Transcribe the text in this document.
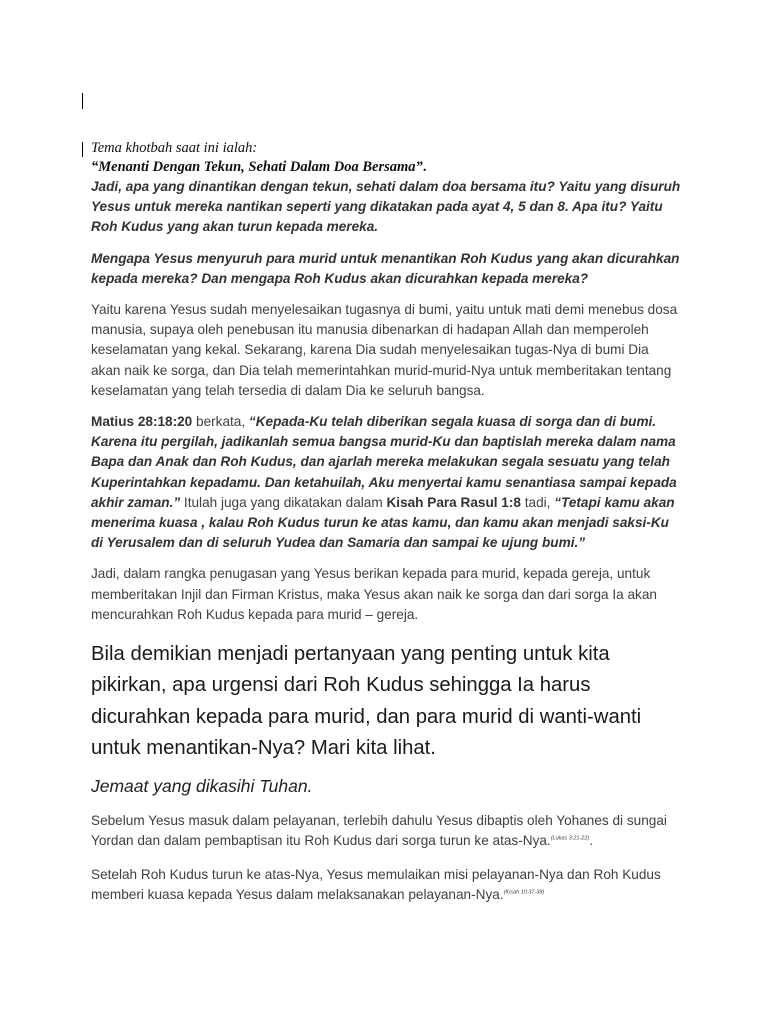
Tema khotbah saat ini ialah:

“Menanti Dengan Tekun, Sehati Dalam Doa Bersama”.

Jadi, apa yang dinantikan dengan tekun, sehati dalam doa bersama itu? Yaitu yang disuruh Yesus untuk mereka nantikan seperti yang dikatakan pada ayat 4, 5 dan 8. Apa itu? Yaitu Roh Kudus yang akan turun kepada mereka.

Mengapa Yesus menyuruh para murid untuk menantikan Roh Kudus yang akan dicurahkan kepada mereka? Dan mengapa Roh Kudus akan dicurahkan kepada mereka?

Yaitu karena Yesus sudah menyelesaikan tugasnya di bumi, yaitu untuk mati demi menebus dosa manusia, supaya oleh penebusan itu manusia dibenarkan di hadapan Allah dan memperoleh keselamatan yang kekal. Sekarang, karena Dia sudah menyelesaikan tugas-Nya di bumi Dia akan naik ke sorga, dan Dia telah memerintahkan murid-murid-Nya untuk memberitakan tentang keselamatan yang telah tersedia di dalam Dia ke seluruh bangsa.

Matius 28:18:20 berkata, “Kepada-Ku telah diberikan segala kuasa di sorga dan di bumi. Karena itu pergilah, jadikanlah semua bangsa murid-Ku dan baptislah mereka dalam nama Bapa dan Anak dan Roh Kudus, dan ajarlah mereka melakukan segala sesuatu yang telah Kuperintahkan kepadamu. Dan ketahuilah, Aku menyertai kamu senantiasa sampai kepada akhir zaman.” Itulah juga yang dikatakan dalam Kisah Para Rasul 1:8 tadi, “Tetapi kamu akan menerima kuasa , kalau Roh Kudus turun ke atas kamu, dan kamu akan menjadi saksi-Ku di Yerusalem dan di seluruh Yudea dan Samaria dan sampai ke ujung bumi.”

Jadi, dalam rangka penugasan yang Yesus berikan kepada para murid, kepada gereja, untuk memberitakan Injil dan Firman Kristus, maka Yesus akan naik ke sorga dan dari sorga Ia akan mencurahkan Roh Kudus kepada para murid – gereja.

Bila demikian menjadi pertanyaan yang penting untuk kita pikirkan, apa urgensi dari Roh Kudus sehingga Ia harus dicurahkan kepada para murid, dan para murid di wanti-wanti untuk menantikan-Nya? Mari kita lihat.

Jemaat yang dikasihi Tuhan.

Sebelum Yesus masuk dalam pelayanan, terlebih dahulu Yesus dibaptis oleh Yohanes di sungai Yordan dan dalam pembaptisan itu Roh Kudus dari sorga turun ke atas-Nya.$^{(Lukas 3:21-22)}$.

Setelah Roh Kudus turun ke atas-Nya, Yesus memulaikan misi pelayanan-Nya dan Roh Kudus memberi kuasa kepada Yesus dalam melaksanakan pelayanan-Nya.$^{(Kisah 10:37-38)}$
